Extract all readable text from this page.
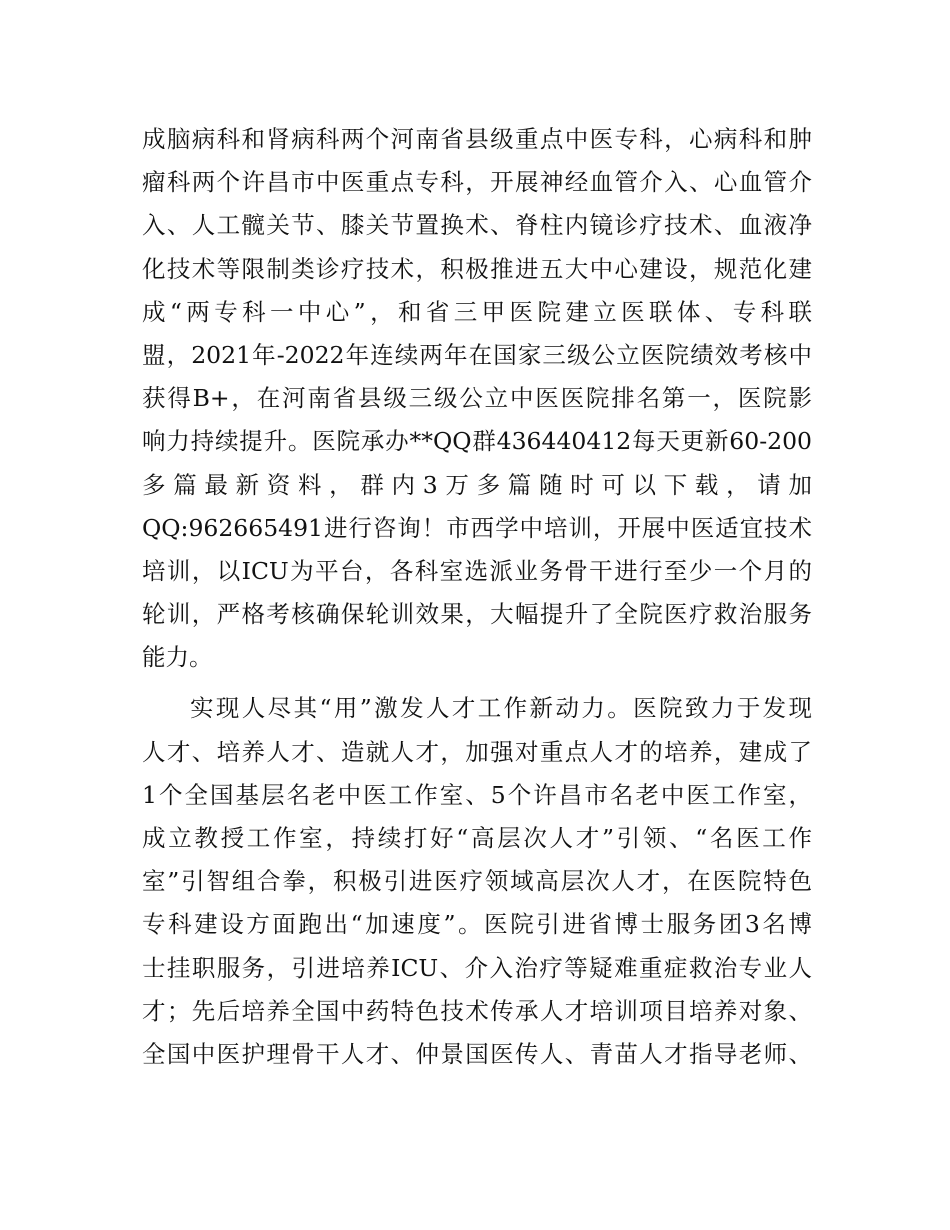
成脑病科和肾病科两个河南省县级重点中医专科，心病科和肿
瘤科两个许昌市中医重点专科，开展神经血管介入、心血管介
入、人工髋关节、膝关节置换术、脊柱内镜诊疗技术、血液净
化技术等限制类诊疗技术，积极推进五大中心建设，规范化建
成“两专科一中心”，和省三甲医院建立医联体、专科联
盟，2021年-2022年连续两年在国家三级公立医院绩效考核中
获得B+，在河南省县级三级公立中医医院排名第一，医院影
响力持续提升。医院承办**QQ群436440412每天更新60-200
多篇最新资料，群内3万多篇随时可以下载，请加
QQ:962665491进行咨询！市西学中培训，开展中医适宜技术
培训，以ICU为平台，各科室选派业务骨干进行至少一个月的
轮训，严格考核确保轮训效果，大幅提升了全院医疗救治服务
能力。
实现人尽其“用”激发人才工作新动力。医院致力于发现
人才、培养人才、造就人才，加强对重点人才的培养，建成了
1个全国基层名老中医工作室、5个许昌市名老中医工作室，
成立教授工作室，持续打好“高层次人才”引领、“名医工作
室”引智组合拳，积极引进医疗领域高层次人才，在医院特色
专科建设方面跑出“加速度”。医院引进省博士服务团3名博
士挂职服务，引进培养ICU、介入治疗等疑难重症救治专业人
才；先后培养全国中药特色技术传承人才培训项目培养对象、
全国中医护理骨干人才、仲景国医传人、青苗人才指导老师、
